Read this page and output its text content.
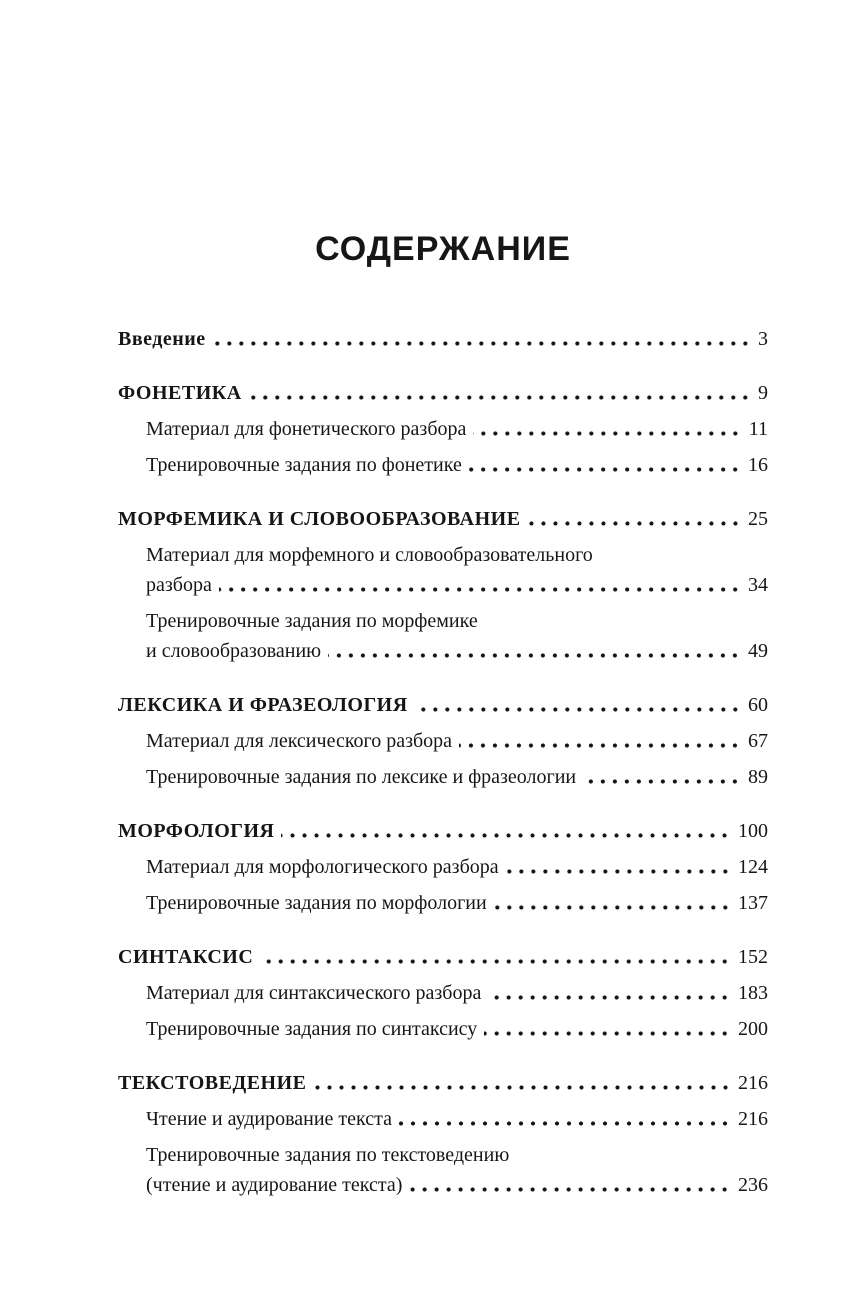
СОДЕРЖАНИЕ
Введение	3
ФОНЕТИКА	9
Материал для фонетического разбора	11
Тренировочные задания по фонетике	16
МОРФЕМИКА И СЛОВООБРАЗОВАНИЕ	25
Материал для морфемного и словообразовательного
разбора	34
Тренировочные задания по морфемике
и словообразованию	49
ЛЕКСИКА И ФРАЗЕОЛОГИЯ	60
Материал для лексического разбора	67
Тренировочные задания по лексике и фразеологии	89
МОРФОЛОГИЯ	100
Материал для морфологического разбора	124
Тренировочные задания по морфологии	137
СИНТАКСИС	152
Материал для синтаксического разбора	183
Тренировочные задания по синтаксису	200
ТЕКСТОВЕДЕНИЕ	216
Чтение и аудирование текста	216
Тренировочные задания по текстоведению
(чтение и аудирование текста)	236
